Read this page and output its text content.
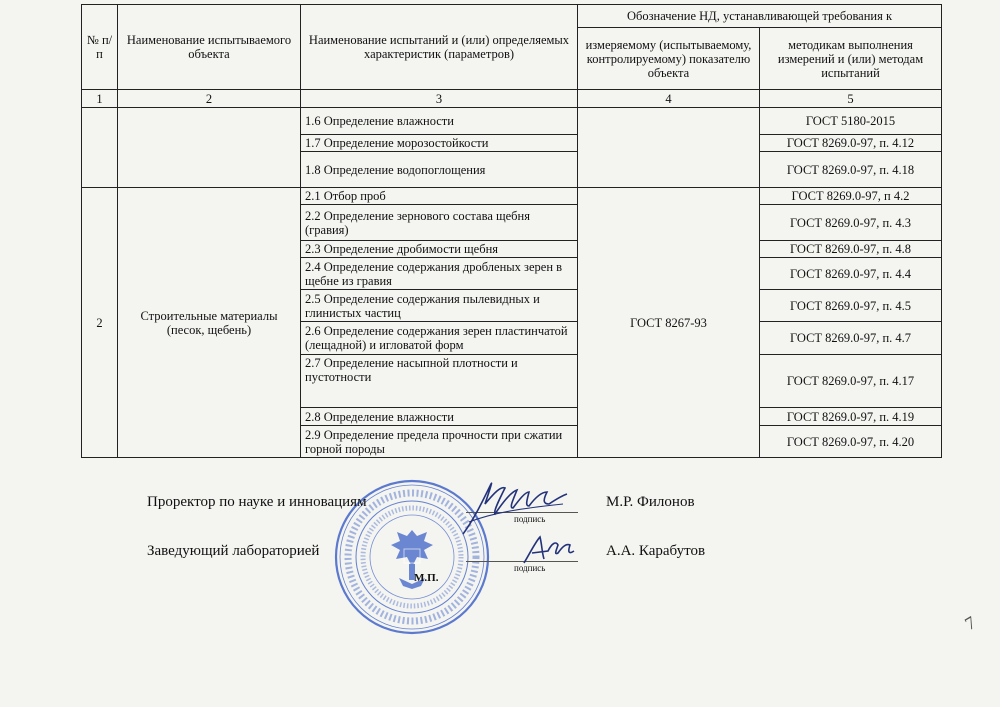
№ п/п	Наименование испытываемого объекта	Наименование испытаний и (или) определяемых характеристик (параметров)	Обозначение НД, устанавливающей требования к	
			измеряемому (испытываемому, контролируемому) показателю объекта	методикам выполнения измерений и (или) методам испытаний
1	2	3	4	5
		1.6 Определение влажности		ГОСТ 5180-2015
		1.7 Определение морозостойкости		ГОСТ 8269.0-97, п. 4.12
		1.8 Определение водопоглощения		ГОСТ 8269.0-97, п. 4.18
2	Строительные материалы (песок, щебень)	2.1 Отбор проб	ГОСТ 8267-93	ГОСТ 8269.0-97, п 4.2
		2.2 Определение зернового состава щебня (гравия)		ГОСТ 8269.0-97, п. 4.3
		2.3 Определение дробимости щебня		ГОСТ 8269.0-97, п. 4.8
		2.4 Определение содержания дробленых зерен в щебне из гравия		ГОСТ 8269.0-97, п. 4.4
		2.5 Определение содержания пылевидных и глинистых частиц		ГОСТ 8269.0-97, п. 4.5
		2.6 Определение содержания зерен пластинчатой (лещадной) и игловатой форм		ГОСТ 8269.0-97, п. 4.7
		2.7 Определение насыпной плотности и пустотности		ГОСТ 8269.0-97, п. 4.17
		2.8 Определение влажности		ГОСТ 8269.0-97, п. 4.19
		2.9 Определение предела прочности при сжатии горной породы		ГОСТ 8269.0-97, п. 4.20
М.П.
Проректор по науке и инновациям	М.Р. Филонов
подпись
Заведующий лабораторией	А.А. Карабутов
подпись
7
